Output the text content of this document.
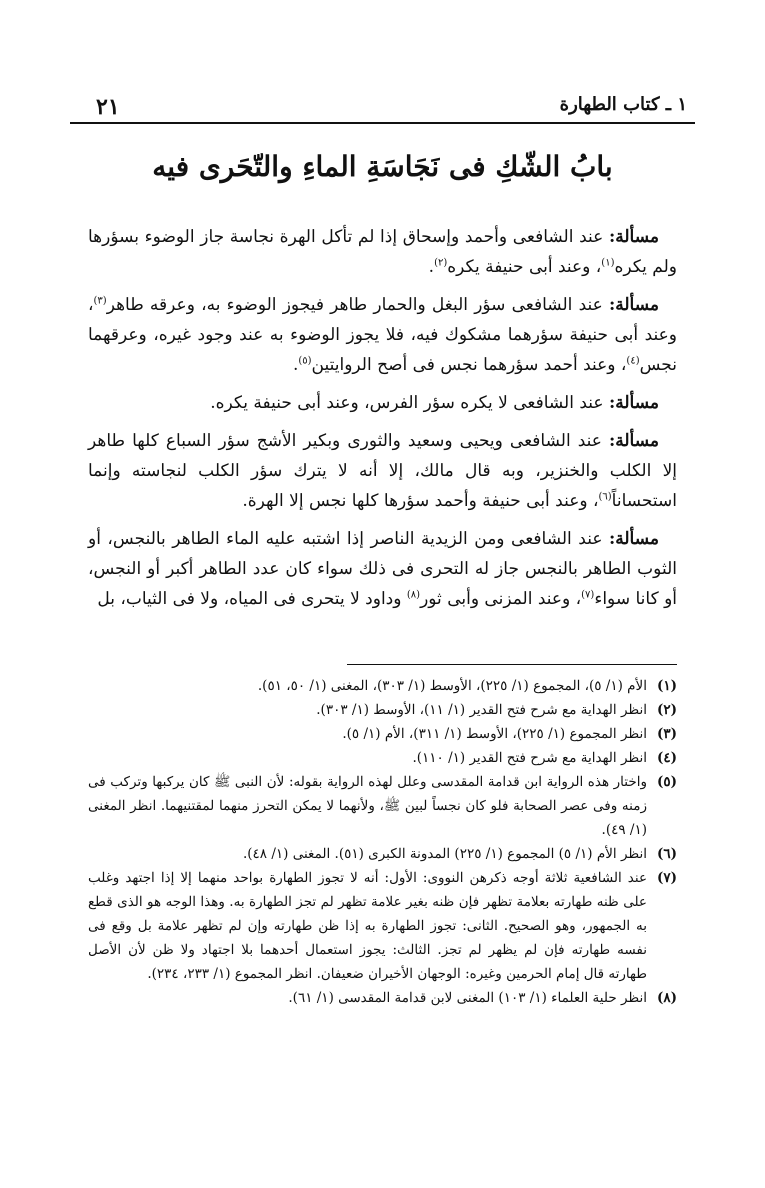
٢١	١ ـ كتاب الطهارة
بابُ الشّكِ فى نَجَاسَةِ الماءِ والتّحَرى فيه

مسألة: عند الشافعى وأحمد وإسحاق إذا لم تأكل الهرة نجاسة جاز الوضوء بسؤرها ولم يكره$^{(١)}$، وعند أبى حنيفة يكره$^{(٢)}$.

مسألة: عند الشافعى سؤر البغل والحمار طاهر فيجوز الوضوء به، وعرقه طاهر$^{(٣)}$، وعند أبى حنيفة سؤرهما مشكوك فيه، فلا يجوز الوضوء به عند وجود غيره، وعرقهما نجس$^{(٤)}$، وعند أحمد سؤرهما نجس فى أصح الروايتين$^{(٥)}$.

مسألة: عند الشافعى لا يكره سؤر الفرس، وعند أبى حنيفة يكره.

مسألة: عند الشافعى ويحيى وسعيد والثورى وبكير الأشج سؤر السباع كلها طاهر إلا الكلب والخنزير، وبه قال مالك، إلا أنه لا يترك سؤر الكلب لنجاسته وإنما استحساناً$^{(٦)}$، وعند أبى حنيفة وأحمد سؤرها كلها نجس إلا الهرة.

مسألة: عند الشافعى ومن الزيدية الناصر إذا اشتبه عليه الماء الطاهر بالنجس، أو الثوب الطاهر بالنجس جاز له التحرى فى ذلك سواء كان عدد الطاهر أكبر أو النجس، أو كانا سواء$^{(٧)}$، وعند المزنى وأبى ثور$^{(٨)}$ وداود لا يتحرى فى المياه، ولا فى الثياب، بل

(١)
الأم (١/ ٥)، المجموع (١/ ٢٢٥)، الأوسط (١/ ٣٠٣)، المغنى (١/ ٥٠، ٥١).

(٢)
انظر الهداية مع شرح فتح القدير (١/ ١١)، الأوسط (١/ ٣٠٣).

(٣)
انظر المجموع (١/ ٢٢٥)، الأوسط (١/ ٣١١)، الأم (١/ ٥).

(٤)
انظر الهداية مع شرح فتح القدير (١/ ١١٠).

(٥)
واختار هذه الرواية ابن قدامة المقدسى وعلل لهذه الرواية بقوله: لأن النبى ﷺ كان يركبها وتركب فى زمنه وفى عصر الصحابة فلو كان نجساً لبين ﷺ، ولأنهما لا يمكن التحرز منهما لمقتنيهما. انظر المغنى (١/ ٤٩).

(٦)
انظر الأم (١/ ٥) المجموع (١/ ٢٢٥) المدونة الكبرى (٥١). المغنى (١/ ٤٨).

(٧)
عند الشافعية ثلاثة أوجه ذكرهن النووى: الأول: أنه لا تجوز الطهارة بواحد منهما إلا إذا اجتهد وغلب على ظنه طهارته بعلامة تظهر فإن ظنه بغير علامة تظهر لم تجز الطهارة به. وهذا الوجه هو الذى قطع به الجمهور، وهو الصحيح. الثانى: تجوز الطهارة به إذا ظن طهارته وإن لم تظهر علامة بل وقع فى نفسه طهارته فإن لم يظهر لم تجز. الثالث: يجوز استعمال أحدهما بلا اجتهاد ولا ظن لأن الأصل طهارته قال إمام الحرمين وغيره: الوجهان الأخيران ضعيفان. انظر المجموع (١/ ٢٣٣، ٢٣٤).

(٨)
انظر حلية العلماء (١/ ١٠٣) المغنى لابن قدامة المقدسى (١/ ٦١).
